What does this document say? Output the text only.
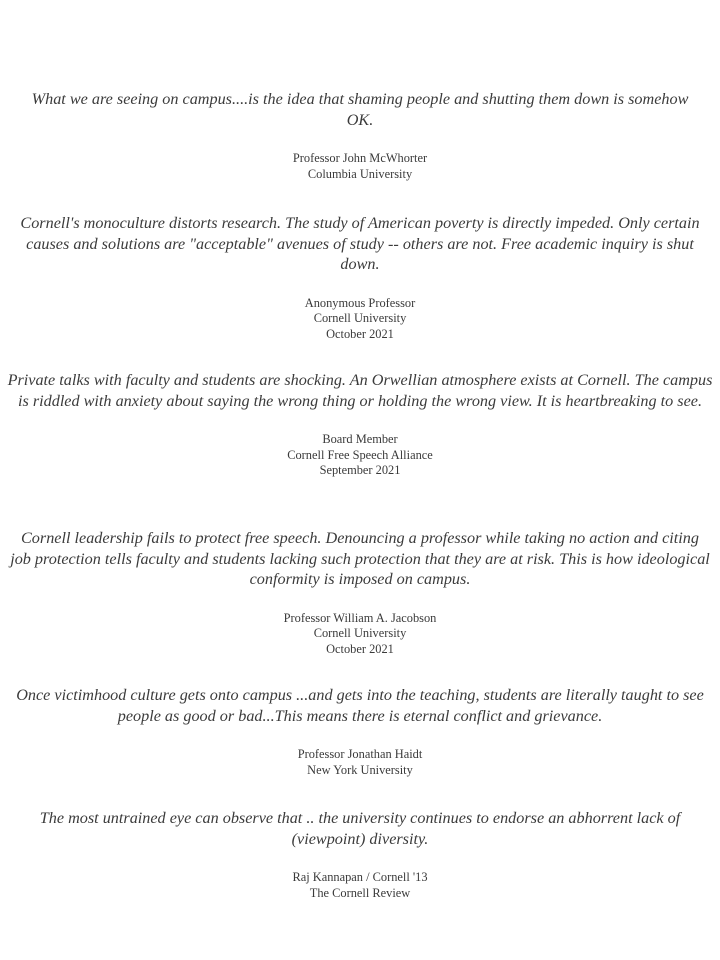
What we are seeing on campus....is the idea that shaming people and shutting them down is somehow OK.

Professor John McWhorter
Columbia University

Cornell's monoculture distorts research. The study of American poverty is directly impeded. Only certain causes and solutions are "acceptable" avenues of study -- others are not. Free academic inquiry is shut down.

Anonymous Professor
Cornell University
October 2021

Private talks with faculty and students are shocking. An Orwellian atmosphere exists at Cornell. The campus is riddled with anxiety about saying the wrong thing or holding the wrong view. It is heartbreaking to see.

Board Member
Cornell Free Speech Alliance
September 2021

Cornell leadership fails to protect free speech. Denouncing a professor while taking no action and citing job protection tells faculty and students lacking such protection that they are at risk. This is how ideological conformity is imposed on campus.

Professor William A. Jacobson
Cornell University
October 2021

Once victimhood culture gets onto campus ...and gets into the teaching, students are literally taught to see people as good or bad...This means there is eternal conflict and grievance.

Professor Jonathan Haidt
New York University

The most untrained eye can observe that .. the university continues to endorse an abhorrent lack of (viewpoint) diversity.

Raj Kannapan / Cornell '13
The Cornell Review
